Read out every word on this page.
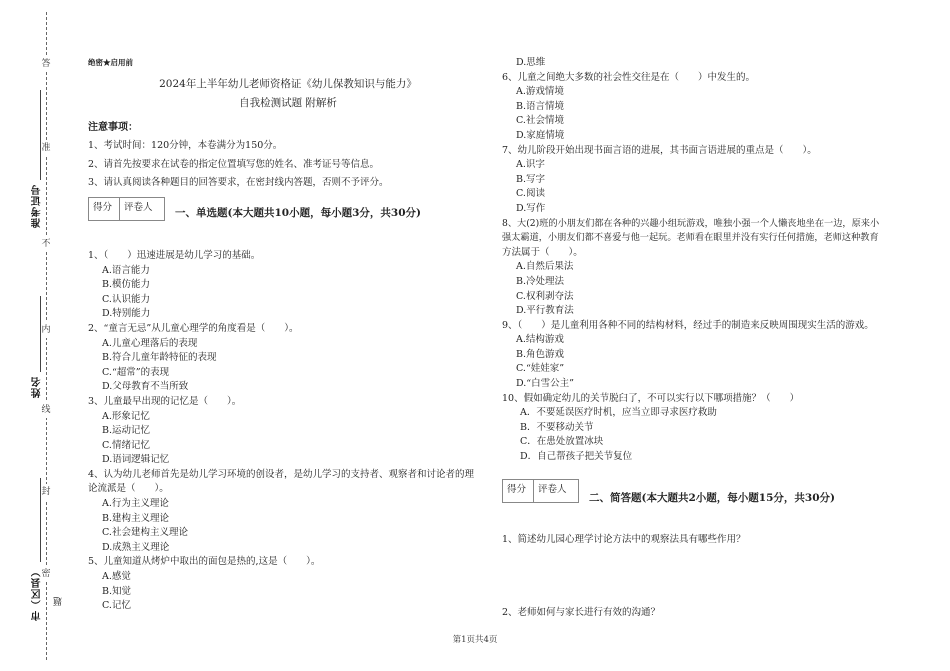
答
准
不
内
线
封
密
准考证号
姓名
市（区县） 题
绝密★启用前
2024年上半年幼儿老师资格证《幼儿保教知识与能力》
自我检测试题 附解析
注意事项：
1、考试时间：120分钟，本卷满分为150分。
2、请首先按要求在试卷的指定位置填写您的姓名、准考证号等信息。
3、请认真阅读各种题目的回答要求，在密封线内答题，否则不予评分。
得分	评卷人	一、单选题(本大题共10小题，每小题3分，共30分)
1、（　　）迅速进展是幼儿学习的基础。
A.语言能力
B.模仿能力
C.认识能力
D.特别能力
2、“童言无忌”从儿童心理学的角度看是（　　）。
A.儿童心理落后的表现
B.符合儿童年龄特征的表现
C.“超常”的表现
D.父母教育不当所致
3、儿童最早出现的记忆是（　　）。
A.形象记忆
B.运动记忆
C.情绪记忆
D.语词逻辑记忆
4、认为幼儿老师首先是幼儿学习环境的创设者，是幼儿学习的支持者、观察者和讨论者的理
论流派是（　　）。
A.行为主义理论
B.建构主义理论
C.社会建构主义理论
D.成熟主义理论
5、儿童知道从烤炉中取出的面包是热的,这是（　　）。
A.感觉
B.知觉
C.记忆
D.思维
6、儿童之间绝大多数的社会性交往是在（　　）中发生的。
A.游戏情境
B.语言情境
C.社会情境
D.家庭情境
7、幼儿阶段开始出现书面言语的进展，其书面言语进展的重点是（　　）。
A.识字
B.写字
C.阅读
D.写作
8、大(2)班的小朋友们都在各种的兴趣小组玩游戏，唯独小强一个人懒丧地坐在一边，原来小
强太霸道，小朋友们都不喜爱与他一起玩。老师看在眼里并没有实行任何措施，老师这种教育
方法属于（　　）。
A.自然后果法
B.冷处理法
C.权利剥夺法
D.平行教育法
9、（　　）是儿童利用各种不同的结构材料，经过手的制造来反映周围现实生活的游戏。
A.结构游戏
B.角色游戏
C.“娃娃家”
D.“白雪公主”
10、假如确定幼儿的关节脱臼了，不可以实行以下哪项措施？（　　）
A．不要延误医疗时机，应当立即寻求医疗救助
B．不要移动关节
C．在患处放置冰块
D．自己帮孩子把关节复位
得分	评卷人
二、简答题(本大题共2小题，每小题15分，共30分)
1、简述幼儿园心理学讨论方法中的观察法具有哪些作用？
2、老师如何与家长进行有效的沟通？
第1页共4页
